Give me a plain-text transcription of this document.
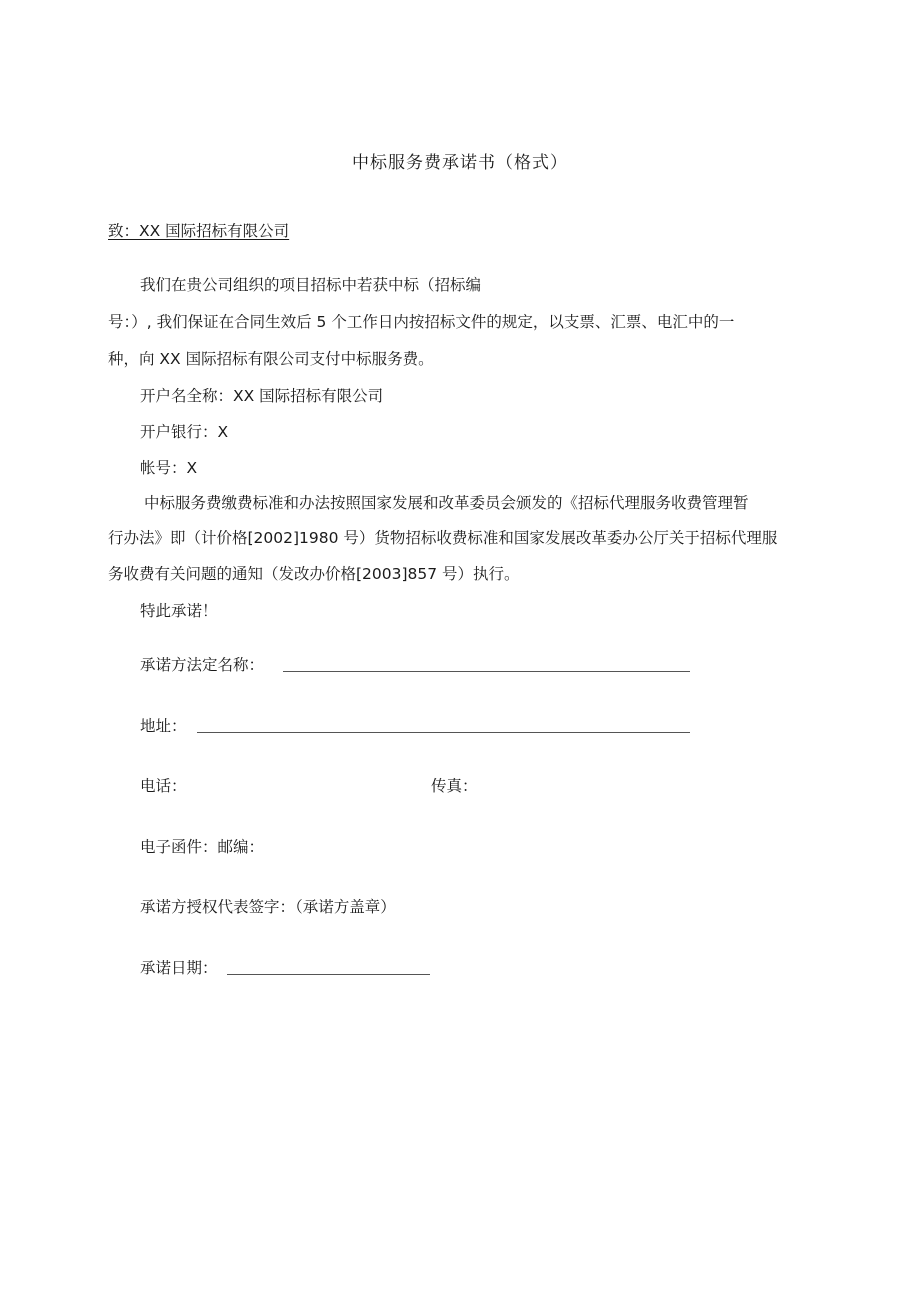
中标服务费承诺书（格式）
致：XX 国际招标有限公司
我们在贵公司组织的项目招标中若获中标（招标编
号：）, 我们保证在合同生效后 5 个工作日内按招标文件的规定，以支票、汇票、电汇中的一
种，向 XX 国际招标有限公司支付中标服务费。
开户名全称：XX 国际招标有限公司
开户银行：X
帐号：X
中标服务费缴费标准和办法按照国家发展和改革委员会颁发的《招标代理服务收费管理暂
行办法》即（计价格[2002]1980 号）货物招标收费标准和国家发展改革委办公厅关于招标代理服
务收费有关问题的通知（发改办价格[2003]857 号）执行。
特此承诺！
承诺方法定名称：
地址：
电话：	传真：
电子函件：邮编：
承诺方授权代表签字：（承诺方盖章）
承诺日期：
